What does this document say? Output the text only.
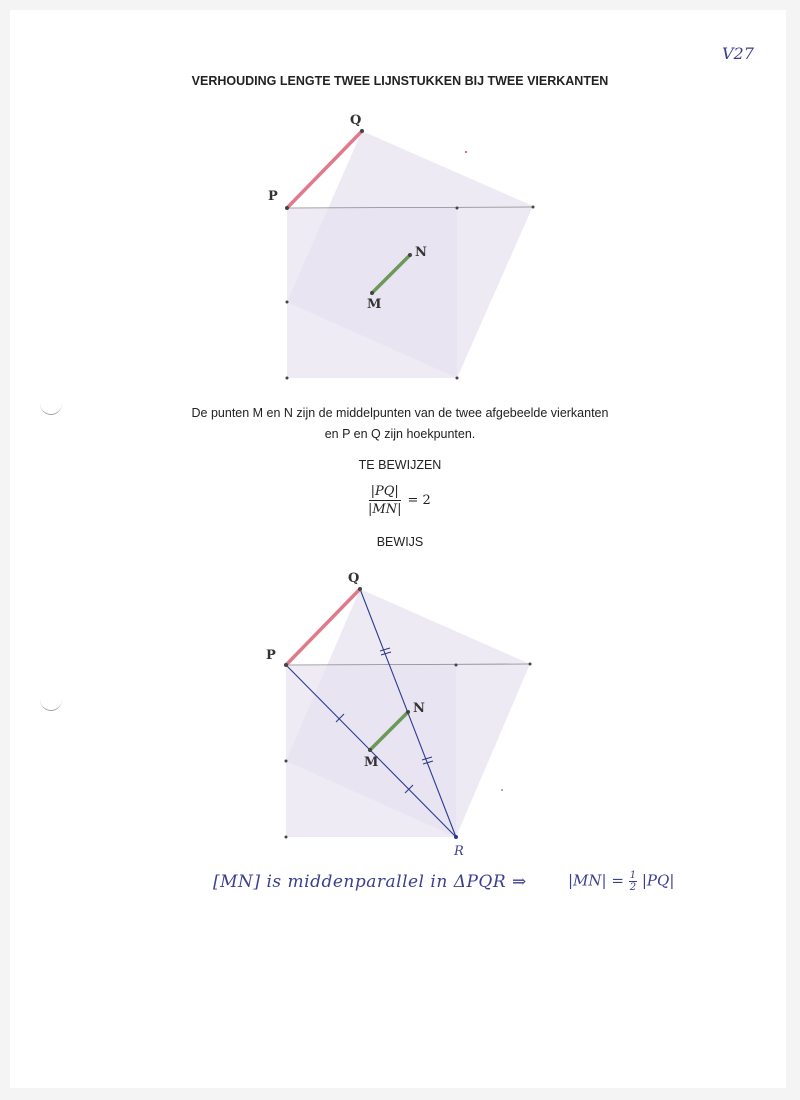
V27
VERHOUDING LENGTE TWEE LIJNSTUKKEN BIJ TWEE VIERKANTEN
Q
P
N
M
Q
P
N
M
R
De punten M en N zijn de middelpunten van de twee afgebeelde vierkanten
en P en Q zijn hoekpunten.
TE BEWIJZEN
$\frac{|PQ|}{|MN|} = 2$
BEWIJS
[MN] is middenparallel in ΔPQR ⇒	$|MN| = \frac{1}{2} |PQ|$
